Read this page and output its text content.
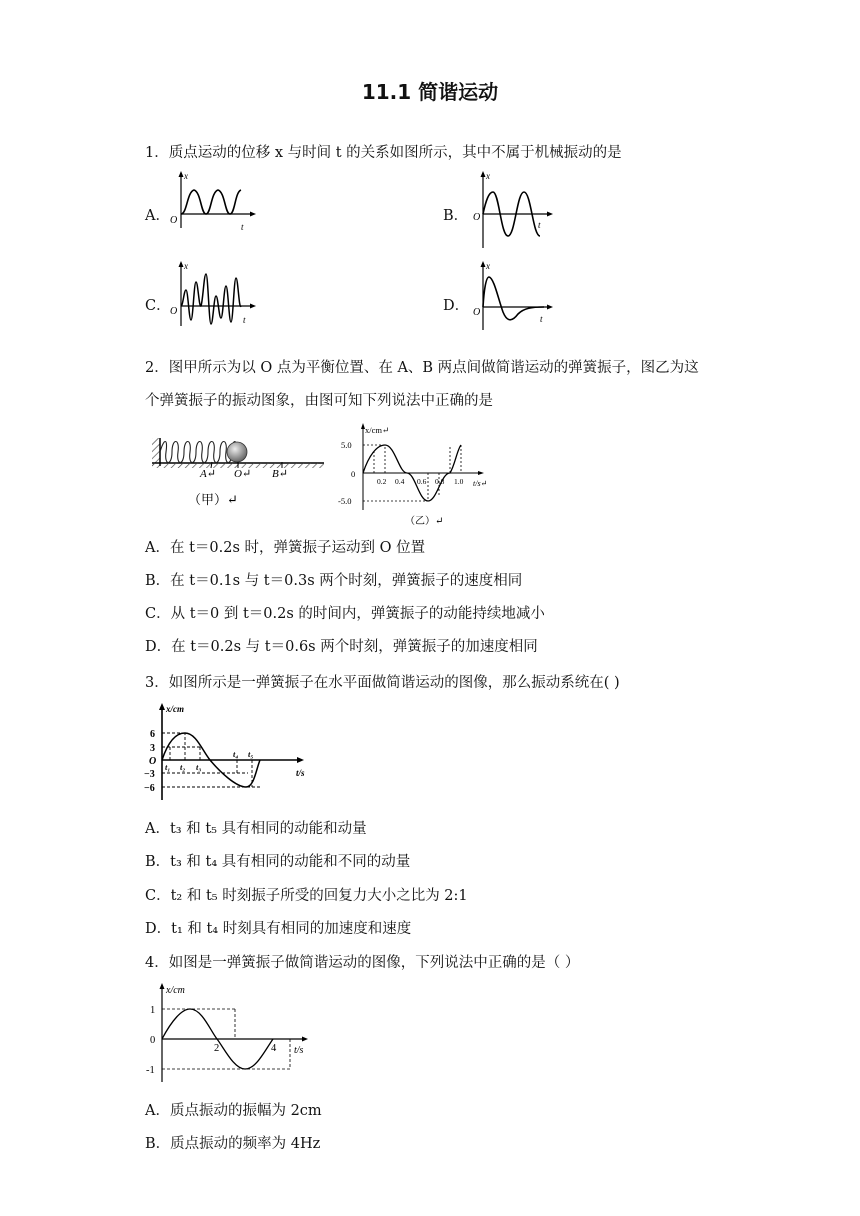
11.1 简谐运动
1．质点运动的位移 x 与时间 t 的关系如图所示，其中不属于机械振动的是
A．	B．
C．	D．
x
O
t
x
O
t
x
O
t
x
O
t
2．图甲所示为以 O 点为平衡位置、在 A、B 两点间做简谐运动的弹簧振子，图乙为这
个弹簧振子的振动图象，由图可知下列说法中正确的是
A↵ O↵ B↵
（甲）↵
x/cm↵
t/s↵
5.0
0
-5.0
0.2 0.4 0.6 0.8 1.0
（乙）↵
A．在 t＝0.2s 时，弹簧振子运动到 O 位置
B．在 t＝0.1s 与 t＝0.3s 两个时刻，弹簧振子的速度相同
C．从 t＝0 到 t＝0.2s 的时间内，弹簧振子的动能持续地减小
D．在 t＝0.2s 与 t＝0.6s 两个时刻，弹簧振子的加速度相同
3．如图所示是一弹簧振子在水平面做简谐运动的图像，那么振动系统在( )
x/cm
t/s
6
3
O
−3
−6
t₁ t₂ t₃
t₄ t₅
A．t₃ 和 t₅ 具有相同的动能和动量
B．t₃ 和 t₄ 具有相同的动能和不同的动量
C．t₂ 和 t₅ 时刻振子所受的回复力大小之比为 2:1
D．t₁ 和 t₄ 时刻具有相同的加速度和速度
4．如图是一弹簧振子做简谐运动的图像，下列说法中正确的是（ ）
x/cm
t/s
1
0
-1
2	4
A．质点振动的振幅为 2cm
B．质点振动的频率为 4Hz
